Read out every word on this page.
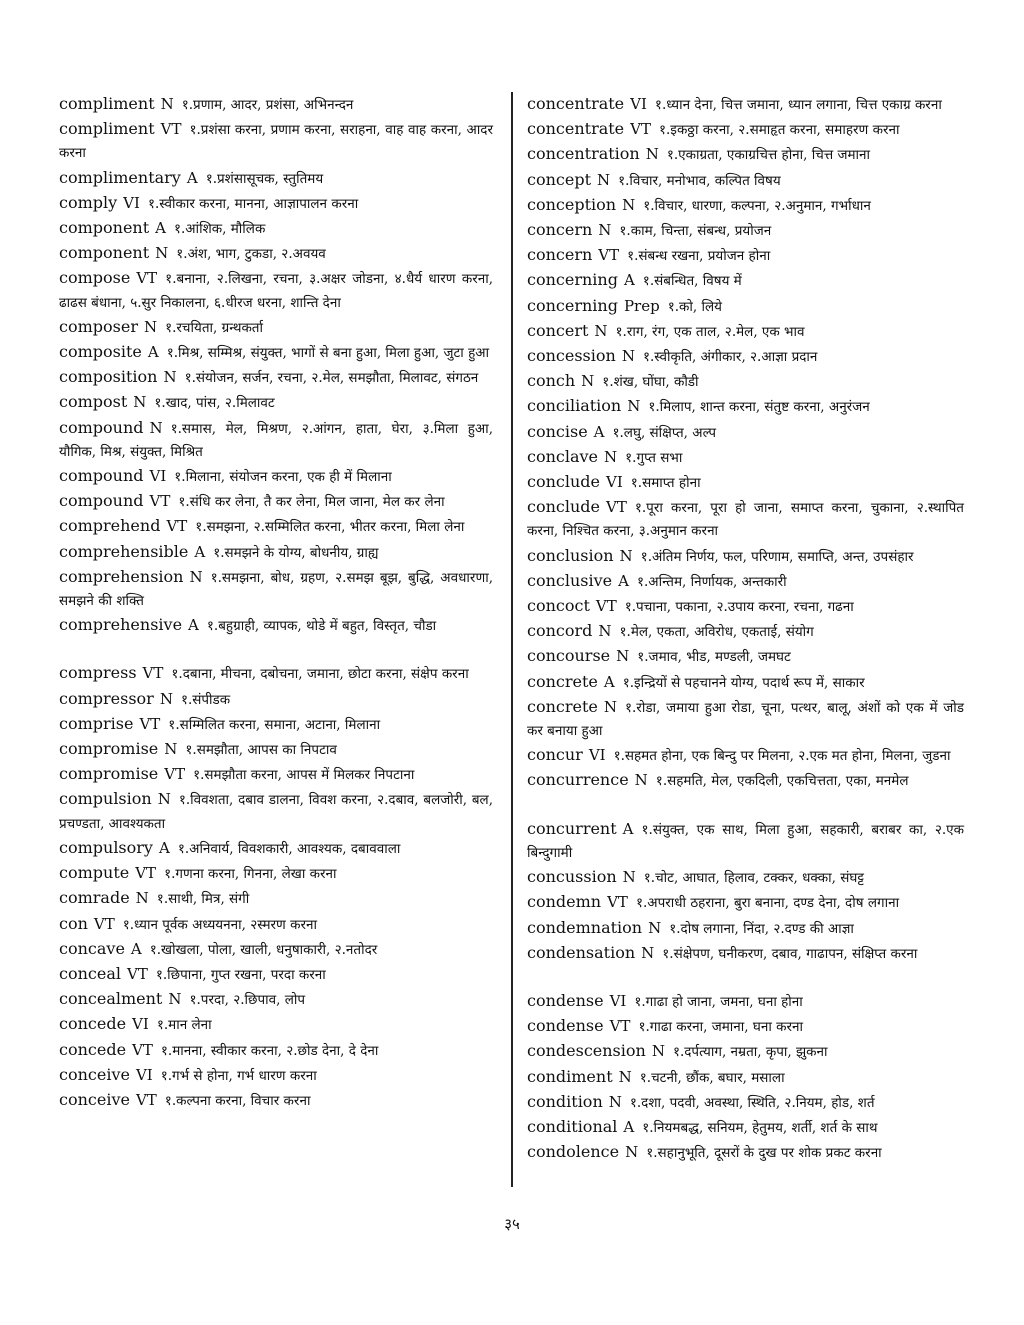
compliment N १.प्रणाम, आदर, प्रशंसा, अभिनन्दन

compliment VT १.प्रशंसा करना, प्रणाम करना, सराहना, वाह वाह करना, आदर करना

complimentary A १.प्रशंसासूचक, स्तुतिमय

comply VI १.स्वीकार करना, मानना, आज्ञापालन करना

component A १.आंशिक, मौलिक

component N १.अंश, भाग, टुकडा, २.अवयव

compose VT १.बनाना, २.लिखना, रचना, ३.अक्षर जोडना, ४.धैर्य धारण करना, ढाढस बंधाना, ५.सुर निकालना, ६.धीरज धरना, शान्ति देना

composer N १.रचयिता, ग्रन्थकर्ता

composite A १.मिश्र, सम्मिश्र, संयुक्त, भागों से बना हुआ, मिला हुआ, जुटा हुआ

composition N १.संयोजन, सर्जन, रचना, २.मेल, समझौता, मिलावट, संगठन

compost N १.खाद, पांस, २.मिलावट

compound N १.समास, मेल, मिश्रण, २.आंगन, हाता, घेरा, ३.मिला हुआ, यौगिक, मिश्र, संयुक्त, मिश्रित

compound VI १.मिलाना, संयोजन करना, एक ही में मिलाना

compound VT १.संधि कर लेना, तै कर लेना, मिल जाना, मेल कर लेना

comprehend VT १.समझना, २.सम्मिलित करना, भीतर करना, मिला लेना

comprehensible A १.समझने के योग्य, बोधनीय, ग्राह्य

comprehension N १.समझना, बोध, ग्रहण, २.समझ बूझ, बुद्धि, अवधारणा, समझने की शक्ति

comprehensive A १.बहुग्राही, व्यापक, थोडे में बहुत, विस्तृत, चौडा

compress VT १.दबाना, मीचना, दबोचना, जमाना, छोटा करना, संक्षेप करना

compressor N १.संपीडक

comprise VT १.सम्मिलित करना, समाना, अटाना, मिलाना

compromise N १.समझौता, आपस का निपटाव

compromise VT १.समझौता करना, आपस में मिलकर निपटाना

compulsion N १.विवशता, दबाव डालना, विवश करना, २.दबाव, बलजोरी, बल, प्रचण्डता, आवश्यकता

compulsory A १.अनिवार्य, विवशकारी, आवश्यक, दबाववाला

compute VT १.गणना करना, गिनना, लेखा करना

comrade N १.साथी, मित्र, संगी

con VT १.ध्यान पूर्वक अध्ययनना, २स्मरण करना

concave A १.खोखला, पोला, खाली, धनुषाकारी, २.नतोदर

conceal VT १.छिपाना, गुप्त रखना, परदा करना

concealment N १.परदा, २.छिपाव, लोप

concede VI १.मान लेना

concede VT १.मानना, स्वीकार करना, २.छोड देना, दे देना

conceive VI १.गर्भ से होना, गर्भ धारण करना

conceive VT १.कल्पना करना, विचार करना

concentrate VI १.ध्यान देना, चित्त जमाना, ध्यान लगाना, चित्त एकाग्र करना

concentrate VT १.इकठ्ठा करना, २.समाहृत करना, समाहरण करना

concentration N १.एकाग्रता, एकाग्रचित्त होना, चित्त जमाना

concept N १.विचार, मनोभाव, कल्पित विषय

conception N १.विचार, धारणा, कल्पना, २.अनुमान, गर्भाधान

concern N १.काम, चिन्ता, संबन्ध, प्रयोजन

concern VT १.संबन्ध रखना, प्रयोजन होना

concerning A १.संबन्धित, विषय में

concerning Prep १.को, लिये

concert N १.राग, रंग, एक ताल, २.मेल, एक भाव

concession N १.स्वीकृति, अंगीकार, २.आज्ञा प्रदान

conch N १.शंख, घोंघा, कौडी

conciliation N १.मिलाप, शान्त करना, संतुष्ट करना, अनुरंजन

concise A १.लघु, संक्षिप्त, अल्प

conclave N १.गुप्त सभा

conclude VI १.समाप्त होना

conclude VT १.पूरा करना, पूरा हो जाना, समाप्त करना, चुकाना, २.स्थापित करना, निश्चित करना, ३.अनुमान करना

conclusion N १.अंतिम निर्णय, फल, परिणाम, समाप्ति, अन्त, उपसंहार

conclusive A १.अन्तिम, निर्णायक, अन्तकारी

concoct VT १.पचाना, पकाना, २.उपाय करना, रचना, गढना

concord N १.मेल, एकता, अविरोध, एकताई, संयोग

concourse N १.जमाव, भीड, मण्डली, जमघट

concrete A १.इन्द्रियों से पहचानने योग्य, पदार्थ रूप में, साकार

concrete N १.रोडा, जमाया हुआ रोडा, चूना, पत्थर, बालू, अंशों को एक में जोड कर बनाया हुआ

concur VI १.सहमत होना, एक बिन्दु पर मिलना, २.एक मत होना, मिलना, जुडना

concurrence N १.सहमति, मेल, एकदिली, एकचित्तता, एका, मनमेल

concurrent A १.संयुक्त, एक साथ, मिला हुआ, सहकारी, बराबर का, २.एक बिन्दुगामी

concussion N १.चोट, आघात, हिलाव, टक्कर, धक्का, संघट्ट

condemn VT १.अपराधी ठहराना, बुरा बनाना, दण्ड देना, दोष लगाना

condemnation N १.दोष लगाना, निंदा, २.दण्ड की आज्ञा

condensation N १.संक्षेपण, घनीकरण, दबाव, गाढापन, संक्षिप्त करना

condense VI १.गाढा हो जाना, जमना, घना होना

condense VT १.गाढा करना, जमाना, घना करना

condescension N १.दर्पत्याग, नम्रता, कृपा, झुकना

condiment N १.चटनी, छौंक, बघार, मसाला

condition N १.दशा, पदवी, अवस्था, स्थिति, २.नियम, होड, शर्त

conditional A १.नियमबद्ध, सनियम, हेतुमय, शर्ती, शर्त के साथ

condolence N १.सहानुभूति, दूसरों के दुख पर शोक प्रकट करना

३५
